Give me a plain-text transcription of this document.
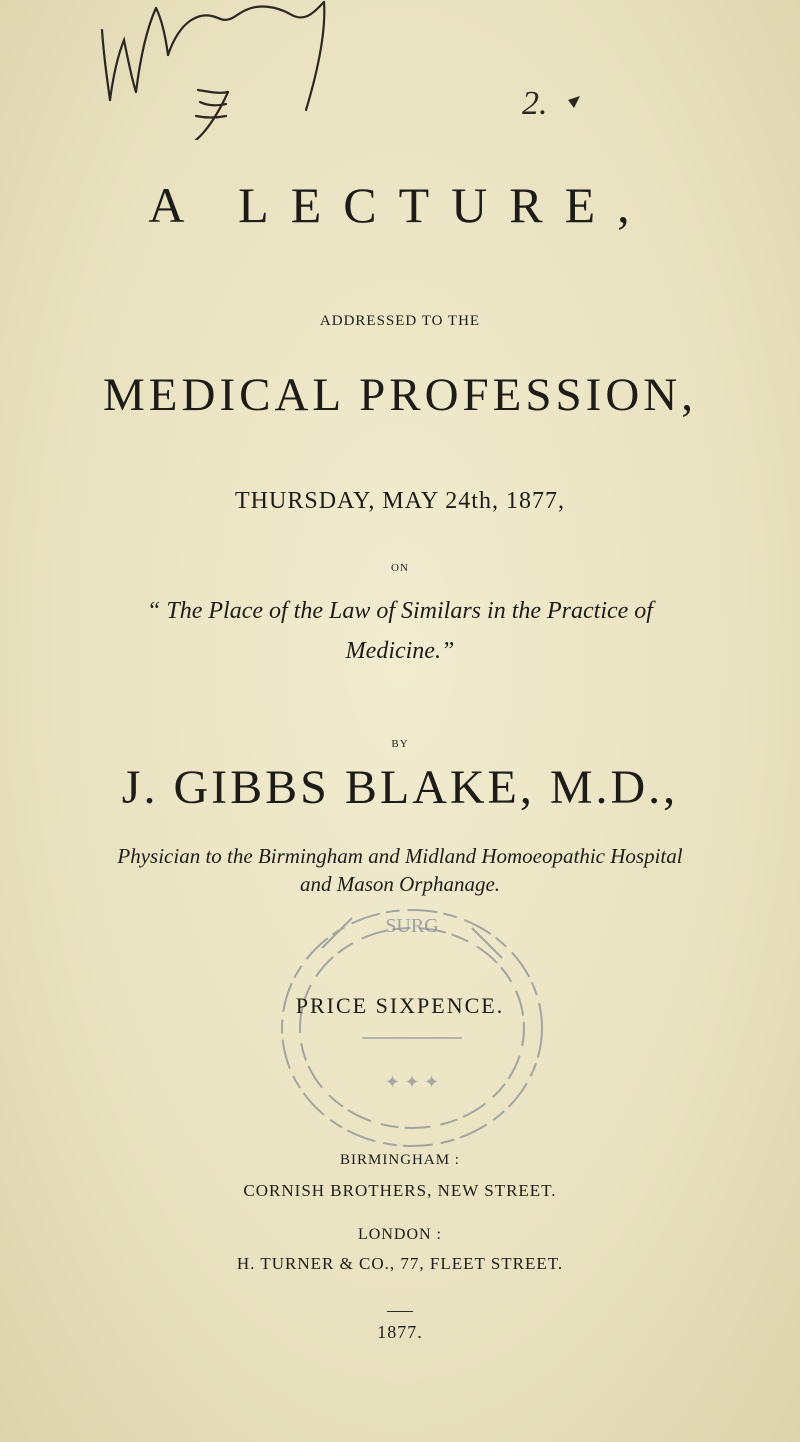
2.
A LECTURE,
ADDRESSED TO THE
MEDICAL PROFESSION,
THURSDAY, MAY 24th, 1877,
ON
“ The Place of the Law of Similars in the Practice of
Medicine.”
BY
J. GIBBS BLAKE, M.D.,
Physician to the Birmingham and Midland Homoeopathic Hospital
and Mason Orphanage.
SURG
✦ ✦ ✦
PRICE SIXPENCE.
BIRMINGHAM :
CORNISH BROTHERS, NEW STREET.
LONDON :
H. TURNER & CO., 77, FLEET STREET.
1877.
